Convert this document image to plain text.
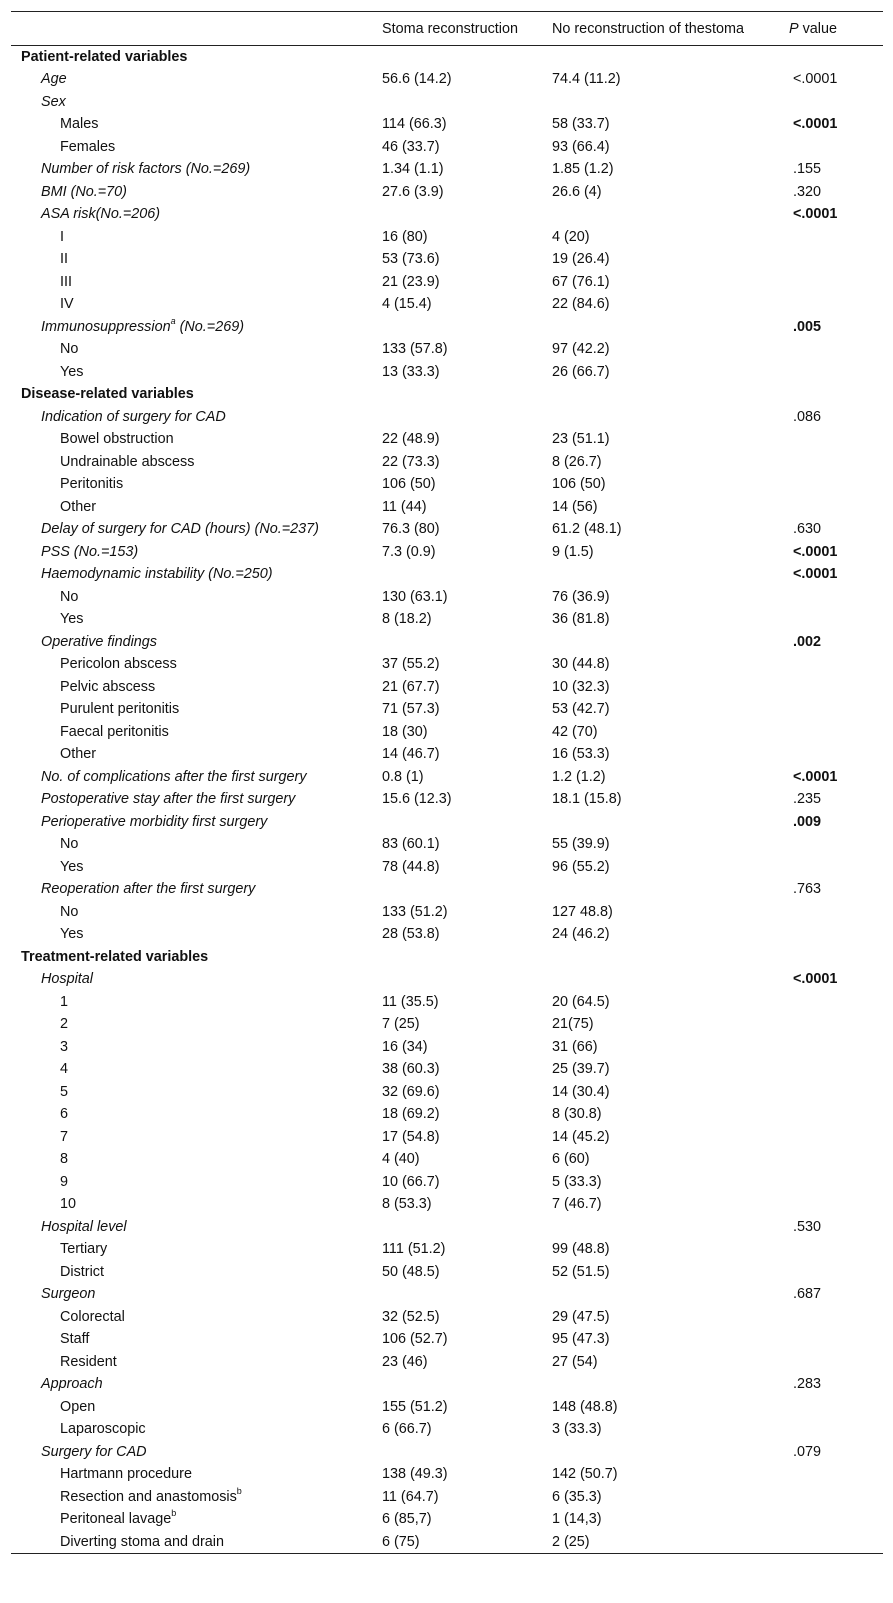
	Stoma reconstruction	No reconstruction of thestoma	P value
Patient-related variables			
Age	56.6 (14.2)	74.4 (11.2)	<.0001
Sex			
Males	114 (66.3)	58 (33.7)	<.0001
Females	46 (33.7)	93 (66.4)	
Number of risk factors (No.=269)	1.34 (1.1)	1.85 (1.2)	.155
BMI (No.=70)	27.6 (3.9)	26.6 (4)	.320
ASA risk(No.=206)			<.0001
I	16 (80)	4 (20)	
II	53 (73.6)	19 (26.4)	
III	21 (23.9)	67 (76.1)	
IV	4 (15.4)	22 (84.6)	
Immunosuppression$^a$ (No.=269)			.005
No	133 (57.8)	97 (42.2)	
Yes	13 (33.3)	26 (66.7)	
Disease-related variables			
Indication of surgery for CAD			.086
Bowel obstruction	22 (48.9)	23 (51.1)	
Undrainable abscess	22 (73.3)	8 (26.7)	
Peritonitis	106 (50)	106 (50)	
Other	11 (44)	14 (56)	
Delay of surgery for CAD (hours) (No.=237)	76.3 (80)	61.2 (48.1)	.630
PSS (No.=153)	7.3 (0.9)	9 (1.5)	<.0001
Haemodynamic instability (No.=250)			<.0001
No	130 (63.1)	76 (36.9)	
Yes	8 (18.2)	36 (81.8)	
Operative findings			.002
Pericolon abscess	37 (55.2)	30 (44.8)	
Pelvic abscess	21 (67.7)	10 (32.3)	
Purulent peritonitis	71 (57.3)	53 (42.7)	
Faecal peritonitis	18 (30)	42 (70)	
Other	14 (46.7)	16 (53.3)	
No. of complications after the first surgery	0.8 (1)	1.2 (1.2)	<.0001
Postoperative stay after the first surgery	15.6 (12.3)	18.1 (15.8)	.235
Perioperative morbidity first surgery			.009
No	83 (60.1)	55 (39.9)	
Yes	78 (44.8)	96 (55.2)	
Reoperation after the first surgery			.763
No	133 (51.2)	127 48.8)	
Yes	28 (53.8)	24 (46.2)	
Treatment-related variables			
Hospital			<.0001
1	11 (35.5)	20 (64.5)	
2	7 (25)	21(75)	
3	16 (34)	31 (66)	
4	38 (60.3)	25 (39.7)	
5	32 (69.6)	14 (30.4)	
6	18 (69.2)	8 (30.8)	
7	17 (54.8)	14 (45.2)	
8	4 (40)	6 (60)	
9	10 (66.7)	5 (33.3)	
10	8 (53.3)	7 (46.7)	
Hospital level			.530
Tertiary	111 (51.2)	99 (48.8)	
District	50 (48.5)	52 (51.5)	
Surgeon			.687
Colorectal	32 (52.5)	29 (47.5)	
Staff	106 (52.7)	95 (47.3)	
Resident	23 (46)	27 (54)	
Approach			.283
Open	155 (51.2)	148 (48.8)	
Laparoscopic	6 (66.7)	3 (33.3)	
Surgery for CAD			.079
Hartmann procedure	138 (49.3)	142 (50.7)	
Resection and anastomosis$^b$	11 (64.7)	6 (35.3)	
Peritoneal lavage$^b$	6 (85,7)	1 (14,3)	
Diverting stoma and drain	6 (75)	2 (25)	
